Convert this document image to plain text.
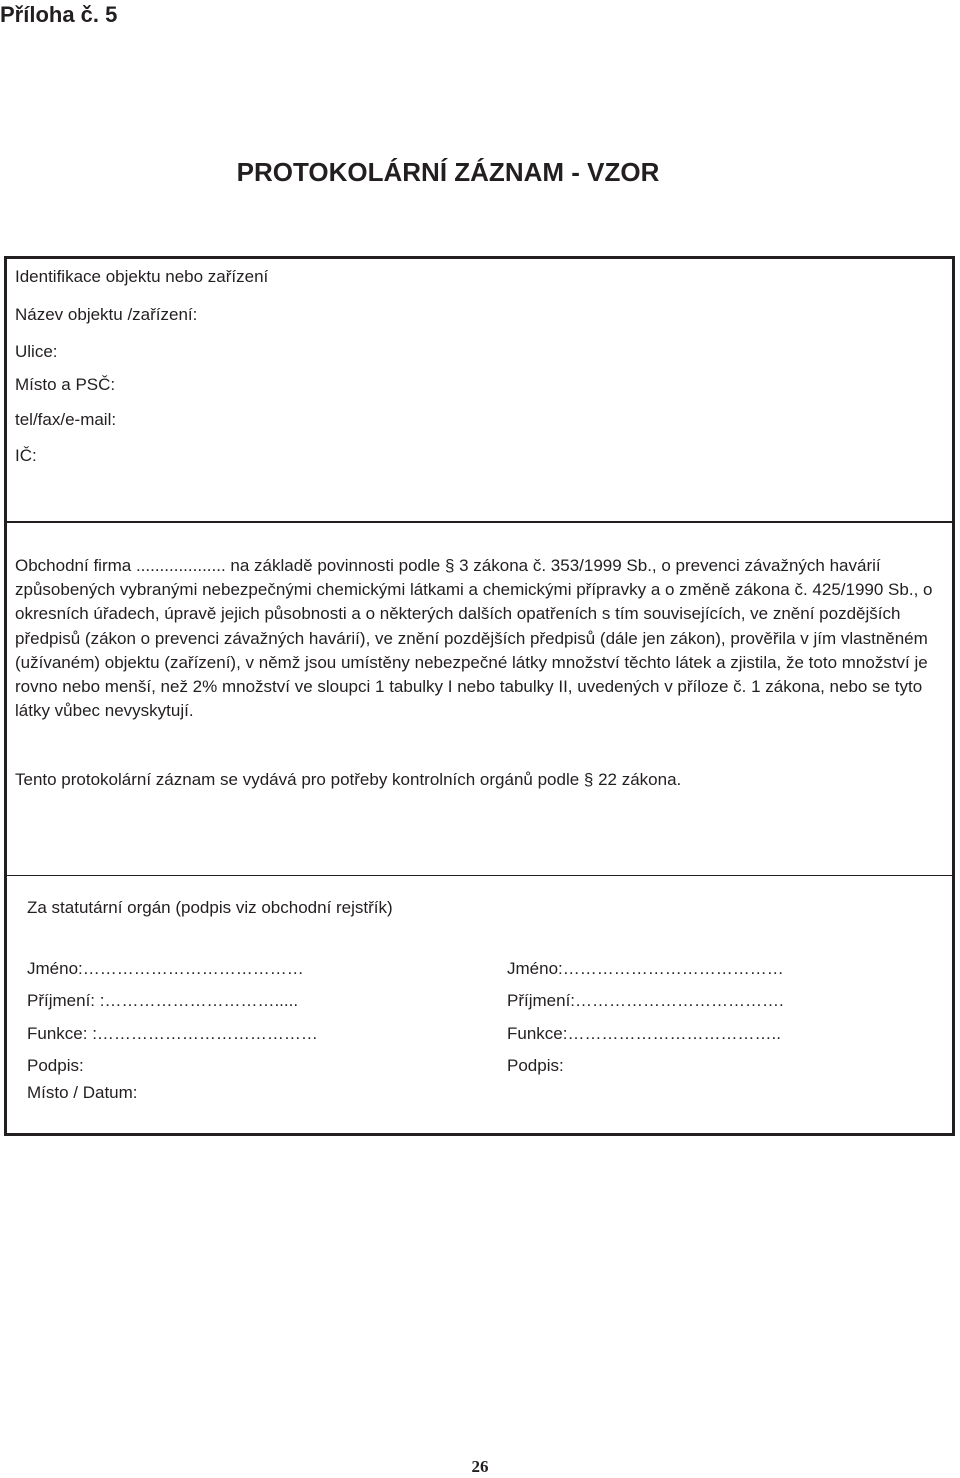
Příloha č. 5
PROTOKOLÁRNÍ ZÁZNAM - VZOR
Identifikace objektu nebo zařízení
Název objektu /zařízení:
Ulice:
Místo a PSČ:
tel/fax/e-mail:
IČ:
Obchodní firma ................... na základě povinnosti podle § 3 zákona č. 353/1999 Sb., o prevenci závažných havárií způsobených vybranými nebezpečnými chemickými látkami a chemickými přípravky a o změně zákona č. 425/1990 Sb., o okresních úřadech, úpravě jejich působnosti a o některých dalších opatřeních s tím souvisejících, ve znění pozdějších předpisů (zákon o prevenci závažných havárií), ve znění pozdějších předpisů (dále jen zákon), prověřila v jím vlastněném (užívaném) objektu (zařízení), v němž jsou umístěny nebezpečné látky množství těchto látek a zjistila, že toto množství je rovno nebo menší, než 2% množství ve sloupci 1 tabulky I nebo tabulky II, uvedených v příloze č. 1 zákona, nebo se tyto látky vůbec nevyskytují.
Tento protokolární záznam se vydává pro potřeby kontrolních orgánů podle § 22 zákona.
Za statutární orgán (podpis viz obchodní rejstřík)
Jméno:…………………………………
Příjmení: :………………………….....
Funkce: :…………………………………
Podpis:
Jméno:…………………………………
Příjmení:……………………………….
Funkce:………………………………..
Podpis:
Místo / Datum:
26
